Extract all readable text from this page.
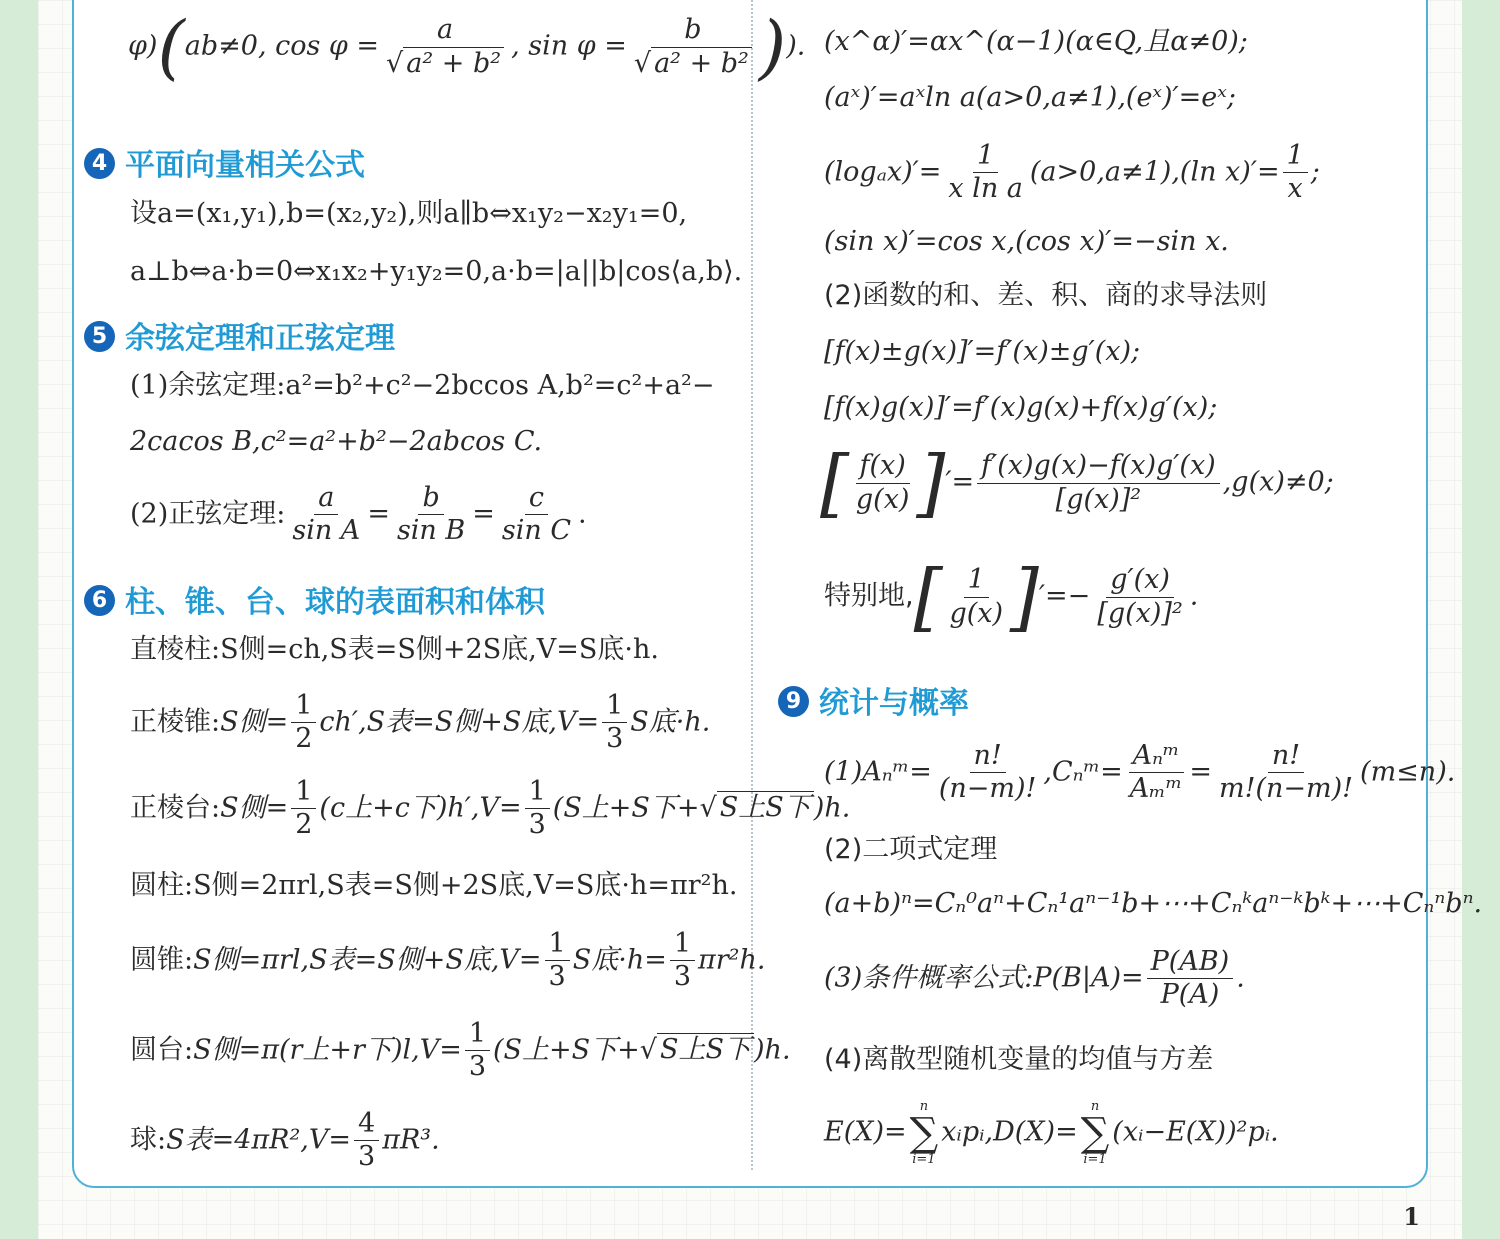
φ)(ab≠0, $\cos \varphi = \frac{a}{\text{√ a² + b²}}$ , $\sin \varphi = \frac{b}{\text{√ a² + b²}}$ )).
4 平面向量相关公式
设a=(x₁,y₁),b=(x₂,y₂),则a∥b⇔x₁y₂−x₂y₁=0,
a⊥b⇔a·b=0⇔x₁x₂+y₁y₂=0,a·b=|a||b|cos⟨a,b⟩.
5 余弦定理和正弦定理
(1)余弦定理:a²=b²+c²−2bccos A,b²=c²+a²−
2cacos B,c²=a²+b²−2abcos C.
(2)正弦定理: $\frac{a}{\text{sin A}} = \frac{b}{\text{sin B}} = \frac{c}{\text{sin C}}$ .
6 柱、锥、台、球的表面积和体积
直棱柱:S侧=ch,S表=S侧+2S底,V=S底·h.
正棱锥:S侧= $\frac{1}{2} ch',S$表=S侧+S底$,V= \frac{1}{3}$ S底·h.
正棱台:S侧= $\frac{1}{2} (c$上+c下)$h',V= \frac{1}{3} (S$上+S下+√ S上S下 )h.
圆柱:S侧=2πrl,S表=S侧+2S底,V=S底·h=πr²h.
圆锥:S侧=πrl,S表=S侧+S底$,V= \frac{1}{3}$ S底$\cdot h= \frac{1}{3} \pi r^2h$.
圆台:S侧=π(r上+r下)$l,V= \frac{1}{3} (S$上+S下+√ S上S下 )h.
球:S表$=4\pi R^2,V= \frac{4}{3} \pi R^3$.
(x^α)′=αx^(α−1)(α∈Q,且α≠0);
(aˣ)′=aˣln a(a>0,a≠1),(eˣ)′=eˣ;
$(\log_ax)'= \frac{1}{\text{x ln a}} (a>0,a\ne 1),(\ln$ $x)'= \frac{1}{x}$ ;
(sin x)′=cos x,(cos x)′=−sin x.
(2)函数的和、差、积、商的求导法则
[f(x)±g(x)]′=f′(x)±g′(x);
[f(x)g(x)]′=f′(x)g(x)+f(x)g′(x);
[ $\frac{f(x)}{g(x)}$ ]′= $\frac{f'(x)g(x)-f(x)g'(x)}{\text{[g(x)]²}} ,g(x)\ne 0$;
特别地,[ $\frac{1}{g(x)}$ ]′=− $\frac{g'(x)}{\text{[g(x)]²}}$ .
9 统计与概率
(1)Aₙᵐ= $\frac{n!}{(n-m)!}$ ,Cₙᵐ=
Aₙᵐ
Aₘᵐ
= $\frac{n!}{m!(n-m)!} (m\le n)$.
(2)二项式定理
(a+b)ⁿ=Cₙ⁰aⁿ+Cₙ¹aⁿ⁻¹b+⋯+Cₙᵏaⁿ⁻ᵏbᵏ+⋯+Cₙⁿbⁿ.
(3)条件概率公式:P(B|A)= $\frac{P(AB)}{P(A)}$ .
(4)离散型随机变量的均值与方差
E(X)=
n
∑
i=1
xᵢpᵢ,D(X)=
n
∑
i=1
(xᵢ−E(X))²pᵢ.
1
